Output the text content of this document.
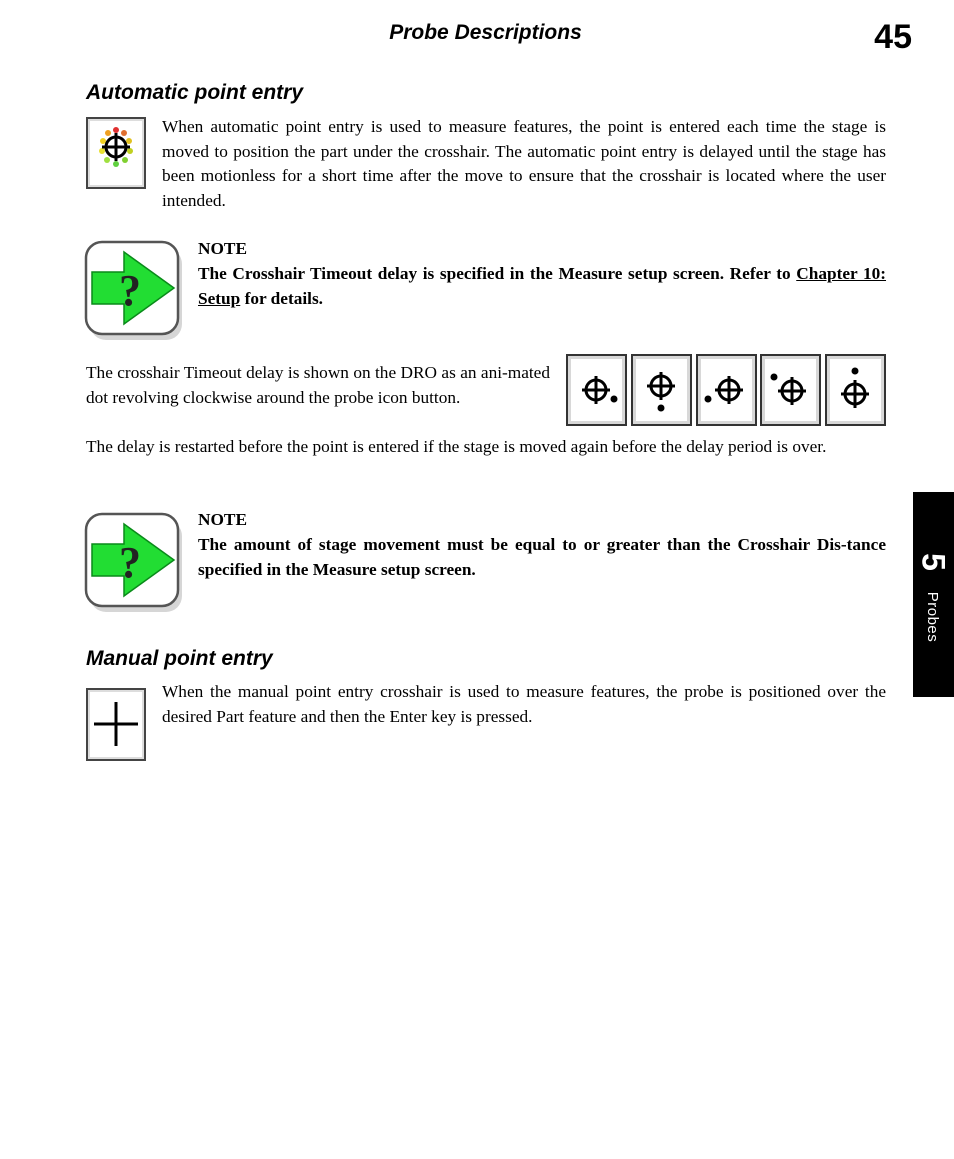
Probe Descriptions	45
5
Probes
Automatic point entry
When automatic point entry is used to measure features, the point is entered each time the stage is moved to position the part under the crosshair. The automatic point entry is delayed until the stage has been motionless for a short time after the move to ensure that the crosshair is located where the user intended.
?
NOTE
The Crosshair Timeout delay is specified in the Measure setup screen. Refer to Chapter 10: Setup for details.
The crosshair Timeout delay is shown on the DRO as an ani-mated dot revolving clockwise around the probe icon button.
The delay is restarted before the point is entered if the stage is moved again before the delay period is over.
?
NOTE
The amount of stage movement must be equal to or greater than the Crosshair Dis-tance specified in the Measure setup screen.
Manual point entry
When the manual point entry crosshair is used to measure features, the probe is positioned over the desired Part feature and then the Enter key is pressed.
